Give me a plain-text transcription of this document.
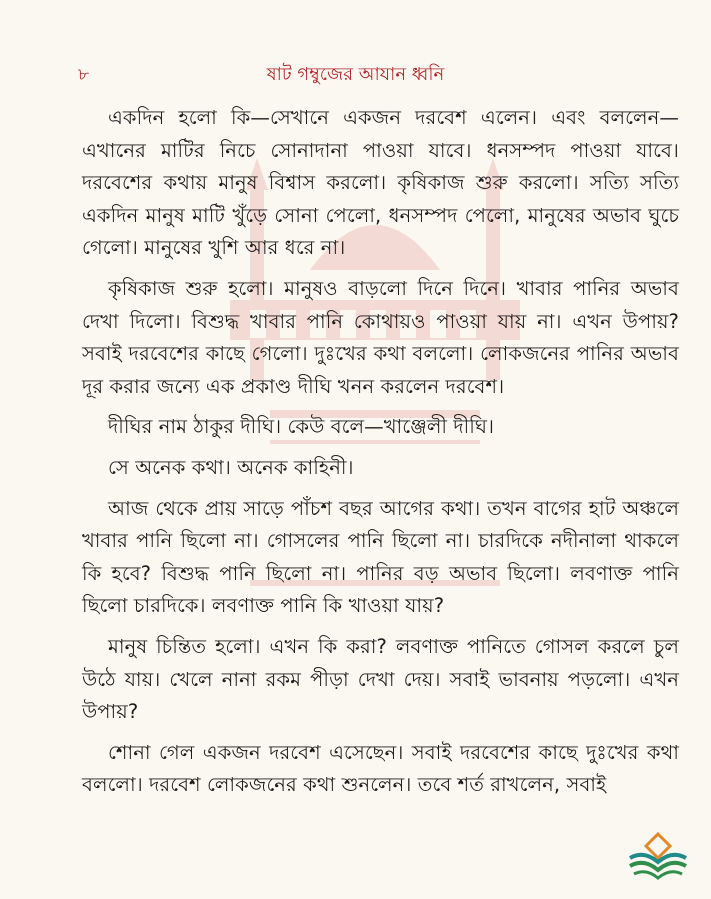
৮	ষাট গম্বুজের আযান ধ্বনি

একদিন হলো কি—সেখানে একজন দরবেশ এলেন। এবং বললেন—এখানের মাটির নিচে সোনাদানা পাওয়া যাবে। ধনসম্পদ পাওয়া যাবে। দরবেশের কথায় মানুষ বিশ্বাস করলো। কৃষিকাজ শুরু করলো। সত্যি সত্যি একদিন মানুষ মাটি খুঁড়ে সোনা পেলো, ধনসম্পদ পেলো, মানুষের অভাব ঘুচে গেলো। মানুষের খুশি আর ধরে না।

কৃষিকাজ শুরু হলো। মানুষও বাড়লো দিনে দিনে। খাবার পানির অভাব দেখা দিলো। বিশুদ্ধ খাবার পানি কোথায়ও পাওয়া যায় না। এখন উপায়? সবাই দরবেশের কাছে গেলো। দুঃখের কথা বললো। লোকজনের পানির অভাব দূর করার জন্যে এক প্রকাণ্ড দীঘি খনন করলেন দরবেশ।

দীঘির নাম ঠাকুর দীঘি। কেউ বলে—খাঞ্জেলী দীঘি।

সে অনেক কথা। অনেক কাহিনী।

আজ থেকে প্রায় সাড়ে পাঁচশ বছর আগের কথা। তখন বাগের হাট অঞ্চলে খাবার পানি ছিলো না। গোসলের পানি ছিলো না। চারদিকে নদীনালা থাকলে কি হবে? বিশুদ্ধ পানি ছিলো না। পানির বড় অভাব ছিলো। লবণাক্ত পানি ছিলো চারদিকে। লবণাক্ত পানি কি খাওয়া যায়?

মানুষ চিন্তিত হলো। এখন কি করা? লবণাক্ত পানিতে গোসল করলে চুল উঠে যায়। খেলে নানা রকম পীড়া দেখা দেয়। সবাই ভাবনায় পড়লো। এখন উপায়?

শোনা গেল একজন দরবেশ এসেছেন। সবাই দরবেশের কাছে দুঃখের কথা বললো। দরবেশ লোকজনের কথা শুনলেন। তবে শর্ত রাখলেন, সবাই
